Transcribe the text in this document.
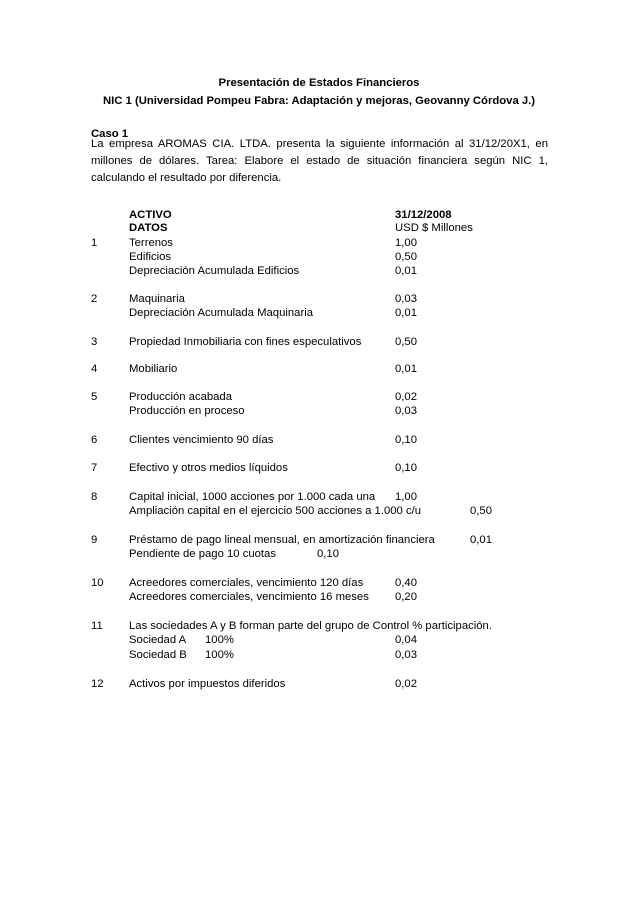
Presentación de Estados Financieros
NIC 1 (Universidad Pompeu Fabra: Adaptación y mejoras, Geovanny Córdova J.)
Caso 1
La empresa AROMAS CIA. LTDA. presenta la siguiente información al 31/12/20X1, en millones de dólares. Tarea: Elabore el estado de situación financiera según NIC 1, calculando el resultado por diferencia.
ACTIVO	31/12/2008
DATOS	USD $ Millones
1	Terrenos	1,00
Edificios	0,50
Depreciación Acumulada Edificios	0,01
2	Maquinaria	0,03
Depreciación Acumulada Maquinaria	0,01
3	Propiedad Inmobiliaria con fines especulativos	0,50
4	Mobiliario	0,01
5	Producción acabada	0,02
Producción en proceso	0,03
6	Clientes vencimiento 90 días	0,10
7	Efectivo y otros medios líquidos	0,10
8	Capital inicial, 1000 acciones por 1.000 cada una 1,00
Ampliación capital en el ejercicio 500 acciones a 1.000 c/u	0,50
9	Préstamo de pago lineal mensual, en amortización financiera	0,01
Pendiente de pago 10 cuotas	0,10
10 Acreedores comerciales, vencimiento 120 días	0,40
Acreedores comerciales, vencimiento 16 meses 0,20
11 Las sociedades A y B forman parte del grupo de Control % participación.
Sociedad A 100%	0,04
Sociedad B 100%	0,03
12 Activos por impuestos diferidos	0,02
